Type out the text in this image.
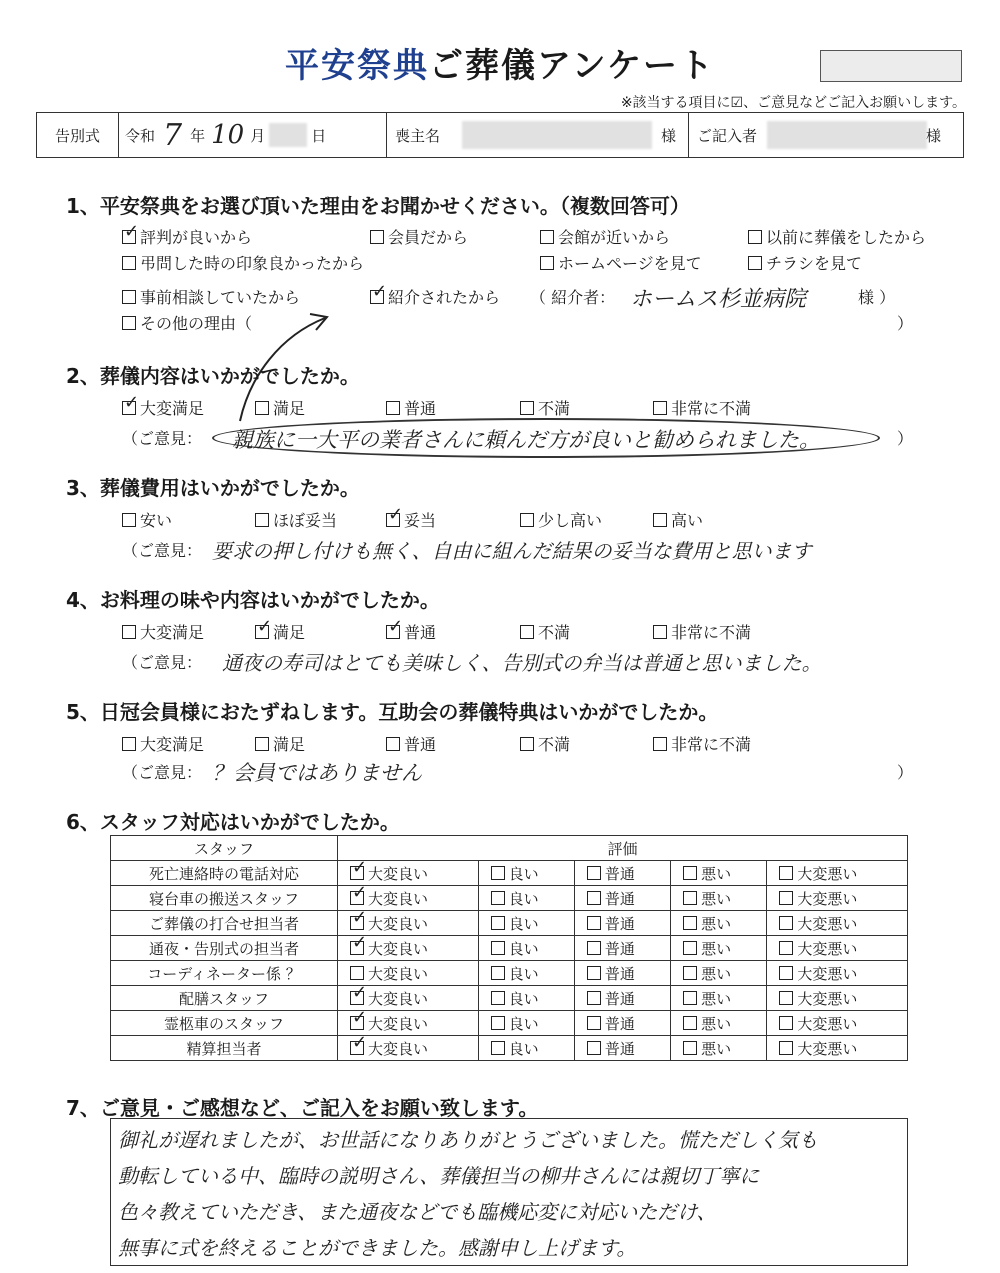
平安祭典ご葬儀アンケート
※該当する項目に☑、ご意見などご記入お願いします。
告別式 令和 7 年 10 月	日	喪主名	様 ご記入者	様
1、平安祭典をお選び頂いた理由をお聞かせください。（複数回答可）
✓評判が良いから	会員だから	会館が近いから	以前に葬儀をしたから
弔問した時の印象良かったから	ホームページを見て	チラシを見て
事前相談していたから ✓	紹介されたから （ 紹介者： ホームス杉並病院	様 ）
その他の理由（	）
2、葬儀内容はいかがでしたか。
✓大変満足	満足	普通	不満	非常に不満
（ご意見： 親族に一大平の業者さんに頼んだ方が良いと勧められました。	）
3、葬儀費用はいかがでしたか。
安い	ほぼ妥当 ✓	妥当	少し高い	高い
（ご意見： 要求の押し付けも無く、自由に組んだ結果の妥当な費用と思います
4、お料理の味や内容はいかがでしたか。
大変満足 ✓	満足 ✓	普通	不満	非常に不満
（ご意見： 通夜の寿司はとても美味しく、告別式の弁当は普通と思いました。
5、日冠会員様におたずねします。互助会の葬儀特典はいかがでしたか。
大変満足	満足	普通	不満	非常に不満
（ご意見： ？会員ではありません	）
6、スタッフ対応はいかがでしたか。
スタッフ	評価				
死亡連絡時の電話対応	✓大変良い	良い	普通	悪い	大変悪い
寝台車の搬送スタッフ	✓大変良い	良い	普通	悪い	大変悪い
ご葬儀の打合せ担当者	✓大変良い	良い	普通	悪い	大変悪い
通夜・告別式の担当者	✓大変良い	良い	普通	悪い	大変悪い
コーディネーター係 ？	大変良い	良い	普通	悪い	大変悪い
配膳スタッフ	✓大変良い	良い	普通	悪い	大変悪い
霊柩車のスタッフ	✓大変良い	良い	普通	悪い	大変悪い
精算担当者	✓大変良い	良い	普通	悪い	大変悪い
7、ご意見・ご感想など、ご記入をお願い致します。
御礼が遅れましたが、お世話になりありがとうございました。慌ただしく気も
動転している中、臨時の説明さん、葬儀担当の柳井さんには親切丁寧に
色々教えていただき、また通夜などでも臨機応変に対応いただけ、
無事に式を終えることができました。感謝申し上げます。
